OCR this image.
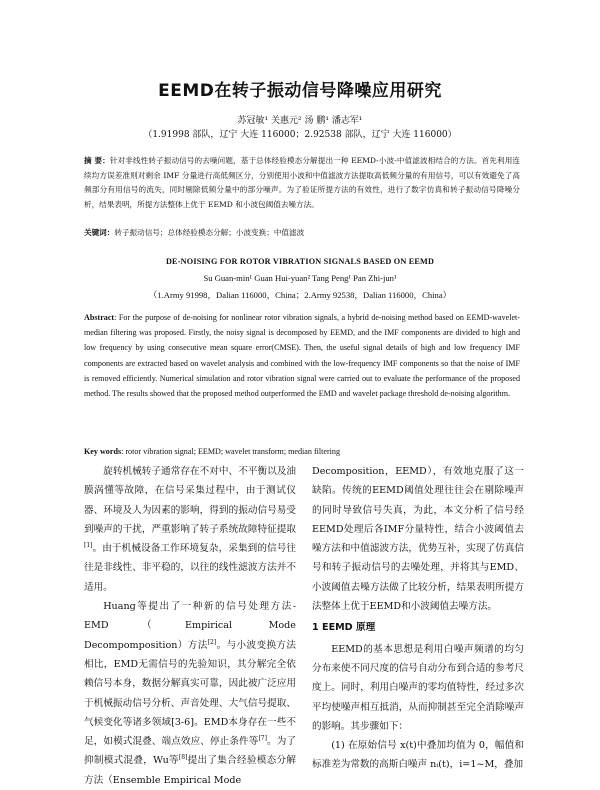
EEMD在转子振动信号降噪应用研究
苏冠敏¹ 关惠元² 汤 鹏¹ 潘志军¹
（1.91998 部队，辽宁 大连 116000；2.92538 部队，辽宁 大连 116000）
摘 要：针对非线性转子振动信号的去噪问题，基于总体经验模态分解提出一种 EEMD-小波-中值滤波相结合的方法。首先利用连续均方误差准则对剩余 IMF 分量进行高低频区分，分别使用小波和中值滤波方法提取高低频分量的有用信号，可以有效避免了高频部分有用信号的流失，同时剔除低频分量中的部分噪声。为了验证所提方法的有效性，进行了数字仿真和转子振动信号降噪分析，结果表明，所提方法整体上优于 EEMD 和小波包阈值去噪方法。
关键词：转子振动信号；总体经验模态分解；小波变换；中值滤波
DE-NOISING FOR ROTOR VIBRATION SIGNALS BASED ON EEMD
Su Guan-min¹ Guan Hui-yuan² Tang Peng¹ Pan Zhi-jun¹
（1.Army 91998，Dalian 116000，China；2.Army 92538，Dalian 116000，China）
Abstract: For the purpose of de-noising for nonlinear rotor vibration signals, a hybrid de-noising method based on EEMD-wavelet-median filtering was proposed. Firstly, the noisy signal is decomposed by EEMD, and the IMF components are divided to high and low frequency by using consecutive mean square error(CMSE). Then, the useful signal details of high and low frequency IMF components are extracted based on wavelet analysis and combined with the low-frequency IMF components so that the noise of IMF is removed efficiently. Numerical simulation and rotor vibration signal were carried out to evaluate the performance of the proposed method. The results showed that the proposed method outperformed the EMD and wavelet package threshold de-noising algorithm.
Key words: rotor vibration signal; EEMD; wavelet transform; median filtering

旋转机械转子通常存在不对中、不平衡以及油膜涡懂等故障，在信号采集过程中，由于测试仪器、环境及人为因素的影响，得到的振动信号易受到噪声的干扰，严重影响了转子系统故障特征提取[1]。由于机械设备工作环境复杂，采集到的信号往往是非线性、非平稳的，以往的线性滤波方法并不适用。

Huang等提出了一种新的信号处理方法-EMD（Empirical Mode Decompomposition）方法[2]。与小波变换方法相比，EMD无需信号的先验知识，其分解完全依赖信号本身，数据分解真实可靠，因此被广泛应用于机械振动信号分析、声音处理、大气信号提取、气候变化等诸多领域[3-6]。EMD本身存在一些不足，如模式混叠、端点效应、停止条件等[7]。为了抑制模式混叠，Wu等[8]提出了集合经验模态分解方法（Ensemble Empirical Mode

Decomposition，EEMD），有效地克服了这一缺陷。传统的EEMD阈值处理往往会在剔除噪声的同时导致信号失真，为此，本文分析了信号经EEMD处理后各IMF分量特性，结合小波阈值去噪方法和中值滤波方法，优势互补，实现了仿真信号和转子振动信号的去噪处理，并将其与EMD、小波阈值去噪方法做了比较分析，结果表明所提方法整体上优于EEMD和小波阈值去噪方法。

1 EEMD 原理

EEMD的基本思想是利用白噪声频谱的均匀分布来使不同尺度的信号自动分布到合适的参考尺度上。同时，利用白噪声的零均值特性，经过多次平均使噪声相互抵消，从而抑制甚至完全消除噪声的影响。其步骤如下：

(1) 在原始信号 x(t)中叠加均值为 0，幅值和标准差为常数的高斯白噪声 nᵢ(t)，i=1~M，叠加
